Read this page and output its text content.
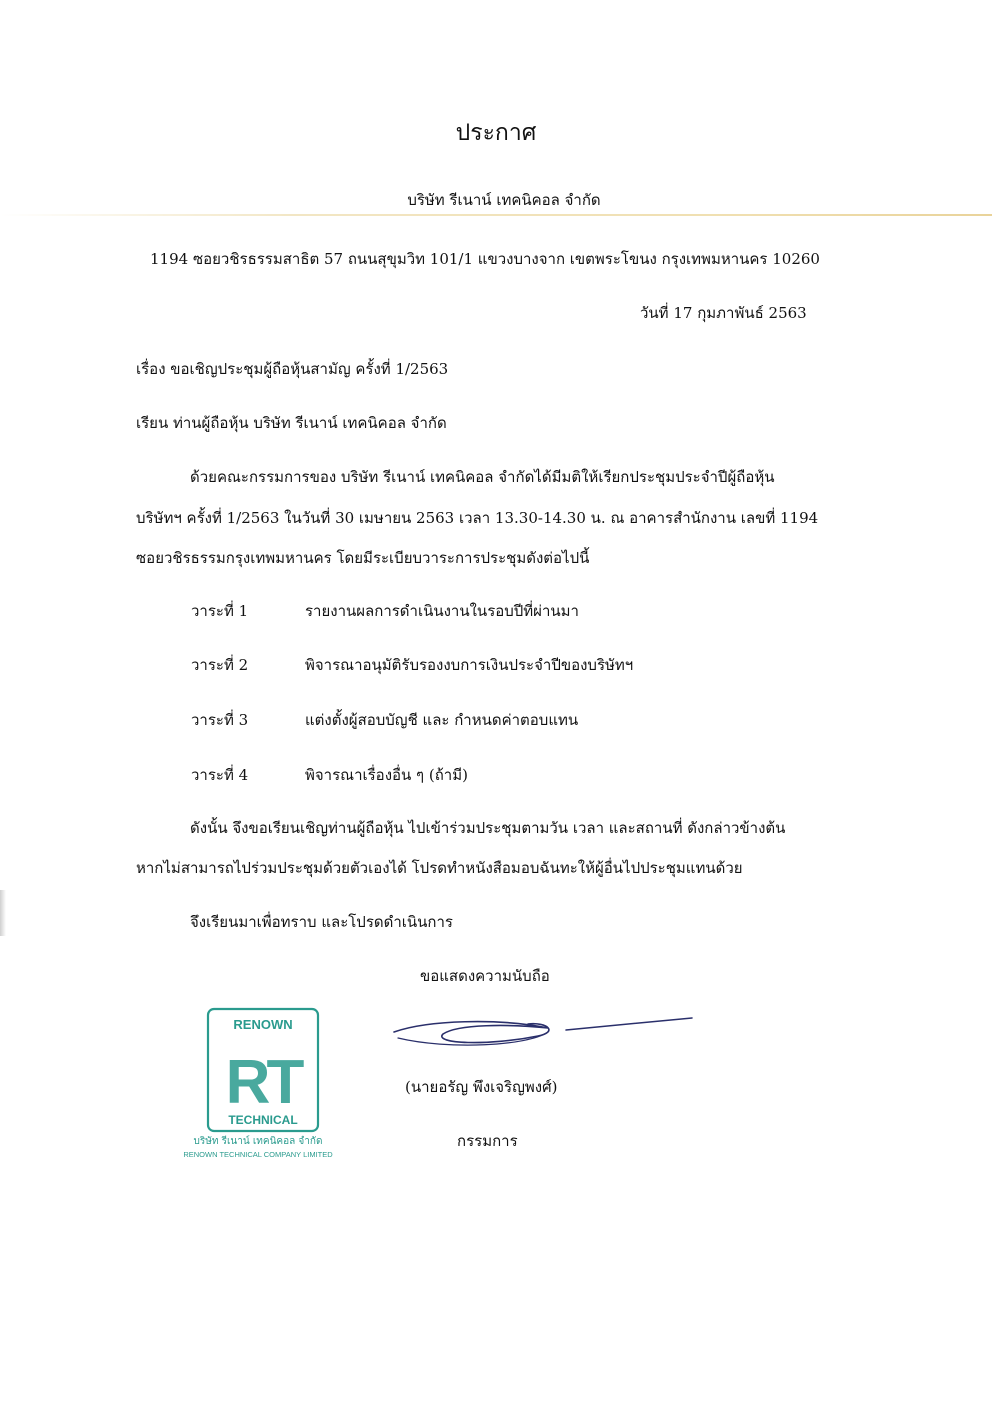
ประกาศ
บริษัท รีเนาน์ เทคนิคอล จำกัด
1194 ซอยวชิรธรรมสาธิต 57 ถนนสุขุมวิท 101/1 แขวงบางจาก เขตพระโขนง กรุงเทพมหานคร 10260
วันที่ 17 กุมภาพันธ์ 2563
เรื่อง ขอเชิญประชุมผู้ถือหุ้นสามัญ ครั้งที่ 1/2563
เรียน ท่านผู้ถือหุ้น บริษัท รีเนาน์ เทคนิคอล จำกัด
ด้วยคณะกรรมการของ บริษัท รีเนาน์ เทคนิคอล จำกัดได้มีมติให้เรียกประชุมประจำปีผู้ถือหุ้น
บริษัทฯ ครั้งที่ 1/2563 ในวันที่ 30 เมษายน 2563 เวลา 13.30-14.30 น. ณ อาคารสำนักงาน เลขที่ 1194
ซอยวชิรธรรมกรุงเทพมหานคร โดยมีระเบียบวาระการประชุมดังต่อไปนี้
วาระที่ 1	รายงานผลการดำเนินงานในรอบปีที่ผ่านมา
วาระที่ 2	พิจารณาอนุมัติรับรองงบการเงินประจำปีของบริษัทฯ
วาระที่ 3	แต่งตั้งผู้สอบบัญชี และ กำหนดค่าตอบแทน
วาระที่ 4	พิจารณาเรื่องอื่น ๆ (ถ้ามี)
ดังนั้น จึงขอเรียนเชิญท่านผู้ถือหุ้น ไปเข้าร่วมประชุมตามวัน เวลา และสถานที่ ดังกล่าวข้างต้น
หากไม่สามารถไปร่วมประชุมด้วยตัวเองได้ โปรดทำหนังสือมอบฉันทะให้ผู้อื่นไปประชุมแทนด้วย
จึงเรียนมาเพื่อทราบ และโปรดดำเนินการ
ขอแสดงความนับถือ
RENOWN
RT
TECHNICAL
บริษัท รีเนาน์ เทคนิคอล จำกัด
RENOWN TECHNICAL COMPANY LIMITED
(นายอรัญ พึงเจริญพงศ์)
กรรมการ
